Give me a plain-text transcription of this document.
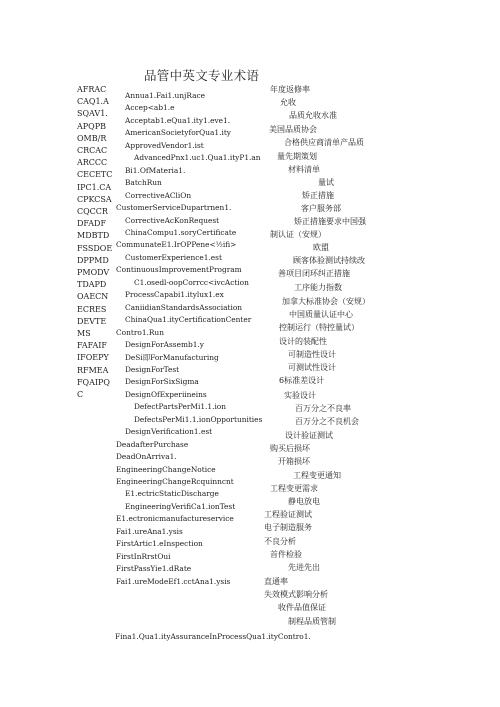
品管中英文专业术语
AFRAC
CAQ1.A
SQAV1.
APQPB
OMB/R
CRCAC
ARCCC
CECETC
IPC1.CA
CPKCSA
CQCCR
DFADF
MDBTD
FSSDOE
DPPMD
PMODV
TDAPD
OAECN
ECRES
DEVTE
MS
FAFAIF
IFOEPY
RFMEA
FQAIPQ
C
Annua1.Fai1.unjRace
Accep<ab1.e
Acceptab1.eQua1.ity1.eve1.
AmericanSocietyforQua1.ity
ApprovedVendor1.ist
AdvancedPnx1.uc1.Qua1.ityP1.an
Bi1.OfMateria1.
BatchRun
CorrectiveACliOn
CustomerServiceDupartrnen1.
CorrectiveAcKonRequest
ChinaCompu1.soryCertificate
CommunateE1.IrOPPene<½ifi>
CustomerExperience1.est
ContinuousImprovementProgram
C1.osedl-oopCorrcc<ivcAction
ProcessCapabi1.itylux1.ex
CaniidianStandardsAssociation
ChinaQua1.ityCertificationCenter
Contro1.Run
DesignForAssemb1.y
DeSi即ForManufacturing
DesignForTest
DesignForSixSigma
DesignOfExperiineins
DefectPartsPerMi1.1.ion
DefectsPerMi1.1.ionOpportunities
DesignVerification1.est
DeadafterPurchase
DeadOnArriva1.
EngineeringChangeNotice
EngineeringChangeRcquinncnt
E1.ectricStaticDischarge
EngineeringVerifiCa1.ionTest
E1.ectronicmanufactureservice
Fai1.ureAna1.ysis
FirstArtic1.eInspection
FirstInRrstOui
FirstPassYie1.dRate
Fai1.ureModeEf1.cctAna1.ysis
年度返修率
允收
品质允收水准
美国品质协会
合格供应商清单产品质
量先期策划
材料清单
量试
矫正措施
客户服务部
矫正措施要求中国强
制认证（安规）
欧盟
顾客体验测试持续改
善项目闭环纠正措施
工序能力指数
加拿大标准协会（安规）
中国质量认证中心
控制运行（特控量试）
设计的装配性
可制造性设计
可测试性设计
6标准差设计
实验设计
百万分之不良率
百万分之不良机会
设计验证测试
购买后损坏
开箱损坏
工程变更通知
工程变更需求
静电放电
工程验证测试
电子制造服务
不良分析
首件检验
先进先出
直通率
失效模式影响分析
收件品值保证
制程品质管制
Fina1.Qua1.ityAssuranceInProcessQua1.ityContro1.
